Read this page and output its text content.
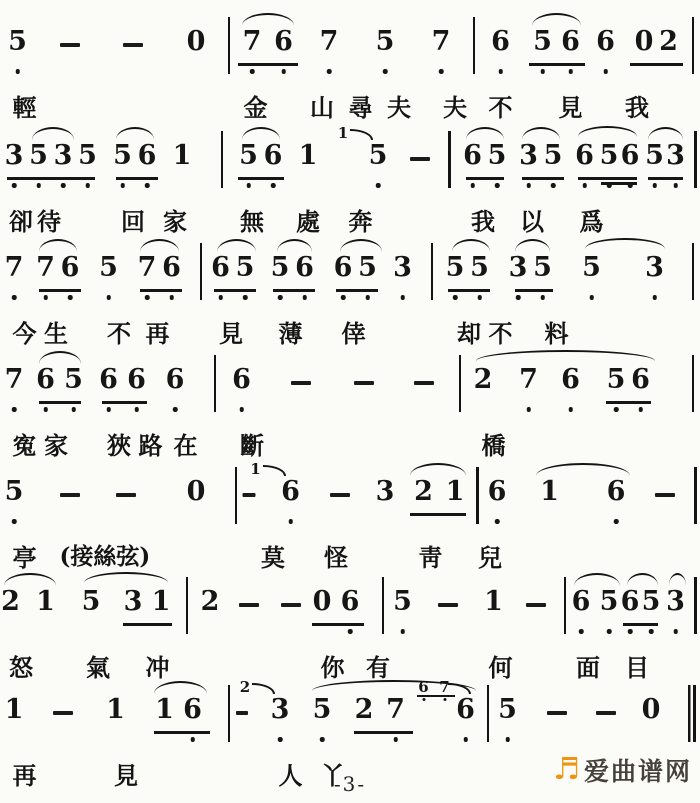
5	0 7 6 7 5 7 6 5 6 6 0 2
輕	金 山 尋 夫 夫 不 見 我
3 5 3 5 5 6 1 5 6 1
1
5	6 5 3 5 6 5 6 5 3
卻 待	回 家 無 處 奔	我 以 爲
7 7 6 5 7 6 6 5 5 6 6 5 3 5 5 3 5 5 3
今 生 不 再 見 薄 倖	却 不 料
7 6 5 6 6 6 6	2 7 6 5 6
寃 家 狹 路 在 斷	橋
5	0
1
6	3 2 1 6 1 6
亭 (接絲弦)	莫 怪	靑 兒
2 1 5 3 1 2	0 6 5	1	6 5 6 5 3
怒 氣 冲	你 有	何	面 目
1	1 1 6
2
3 5 2 7
6 7
6 5	0
再	見	人 丫
-3-	♬ 爱曲谱网
